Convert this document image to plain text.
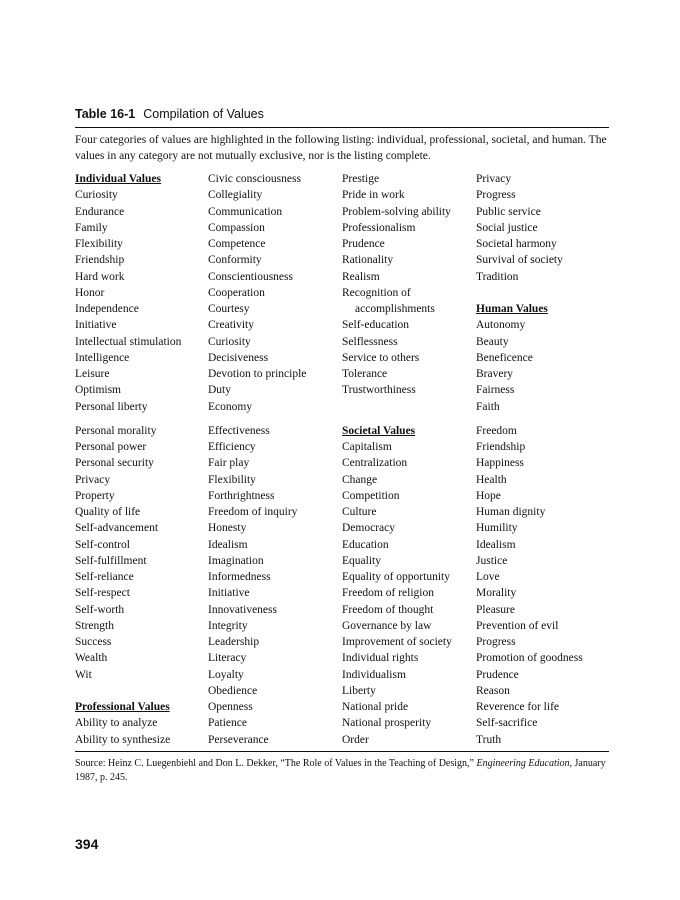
Table 16-1 Compilation of Values

Four categories of values are highlighted in the following listing: individual, professional, societal, and human. The values in any category are not mutually exclusive, nor is the listing complete.

Individual Values
Curiosity
Endurance
Family
Flexibility
Friendship
Hard work
Honor
Independence
Initiative
Intellectual stimulation
Intelligence
Leisure
Optimism
Personal liberty
Personal morality
Personal power
Personal security
Privacy
Property
Quality of life
Self-advancement
Self-control
Self-fulfillment
Self-reliance
Self-respect
Self-worth
Strength
Success
Wealth
Wit
Professional Values
Ability to analyze
Ability to synthesize
Civic consciousness
Collegiality
Communication
Compassion
Competence
Conformity
Conscientiousness
Cooperation
Courtesy
Creativity
Curiosity
Decisiveness
Devotion to principle
Duty
Economy
Effectiveness
Efficiency
Fair play
Flexibility
Forthrightness
Freedom of inquiry
Honesty
Idealism
Imagination
Informedness
Initiative
Innovativeness
Integrity
Leadership
Literacy
Loyalty
Obedience
Openness
Patience
Perseverance
Prestige
Pride in work
Problem-solving ability
Professionalism
Prudence
Rationality
Realism
Recognition of
accomplishments
Self-education
Selflessness
Service to others
Tolerance
Trustworthiness
Societal Values
Capitalism
Centralization
Change
Competition
Culture
Democracy
Education
Equality
Equality of opportunity
Freedom of religion
Freedom of thought
Governance by law
Improvement of society
Individual rights
Individualism
Liberty
National pride
National prosperity
Order
Privacy
Progress
Public service
Social justice
Societal harmony
Survival of society
Tradition
Human Values
Autonomy
Beauty
Beneficence
Bravery
Fairness
Faith
Freedom
Friendship
Happiness
Health
Hope
Human dignity
Humility
Idealism
Justice
Love
Morality
Pleasure
Prevention of evil
Progress
Promotion of goodness
Prudence
Reason
Reverence for life
Self-sacrifice
Truth

Source: Heinz C. Luegenbiehl and Don L. Dekker, “The Role of Values in the Teaching of Design,” Engineering Education, January 1987, p. 245.

394
